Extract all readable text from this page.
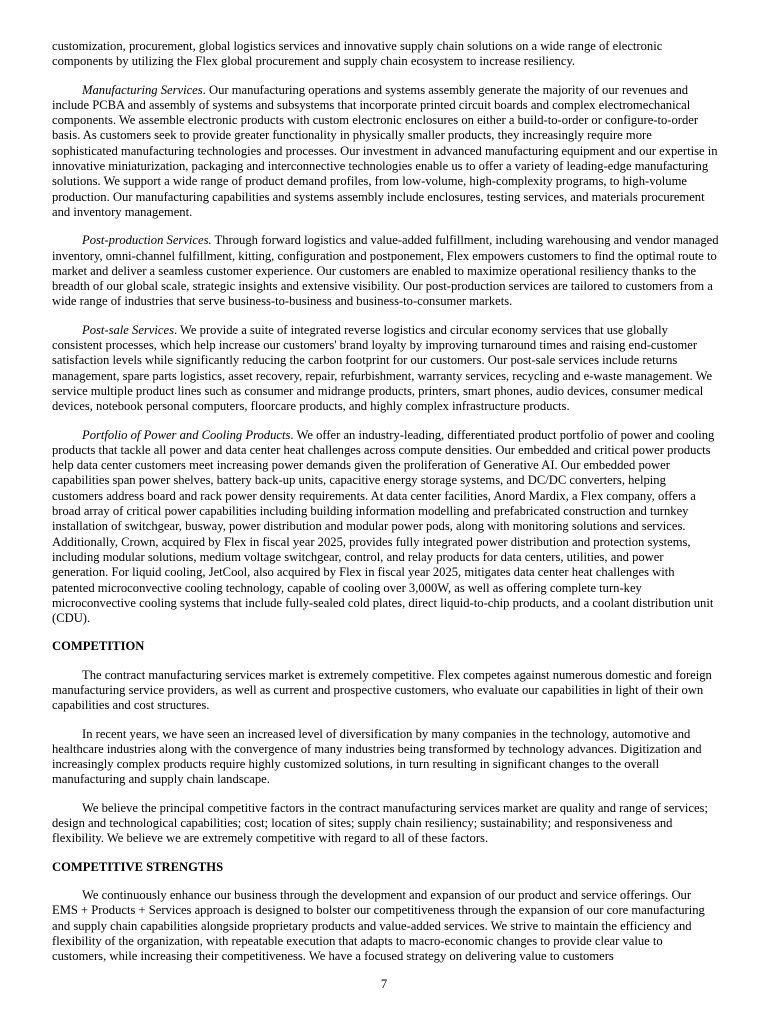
customization, procurement, global logistics services and innovative supply chain solutions on a wide range of electronic components by utilizing the Flex global procurement and supply chain ecosystem to increase resiliency.

Manufacturing Services. Our manufacturing operations and systems assembly generate the majority of our revenues and include PCBA and assembly of systems and subsystems that incorporate printed circuit boards and complex electromechanical components. We assemble electronic products with custom electronic enclosures on either a build-to-order or configure-to-order basis. As customers seek to provide greater functionality in physically smaller products, they increasingly require more sophisticated manufacturing technologies and processes. Our investment in advanced manufacturing equipment and our expertise in innovative miniaturization, packaging and interconnective technologies enable us to offer a variety of leading-edge manufacturing solutions. We support a wide range of product demand profiles, from low-volume, high-complexity programs, to high-volume production. Our manufacturing capabilities and systems assembly include enclosures, testing services, and materials procurement and inventory management.

Post-production Services. Through forward logistics and value-added fulfillment, including warehousing and vendor managed inventory, omni-channel fulfillment, kitting, configuration and postponement, Flex empowers customers to find the optimal route to market and deliver a seamless customer experience. Our customers are enabled to maximize operational resiliency thanks to the breadth of our global scale, strategic insights and extensive visibility. Our post-production services are tailored to customers from a wide range of industries that serve business-to-business and business-to-consumer markets.

Post-sale Services. We provide a suite of integrated reverse logistics and circular economy services that use globally consistent processes, which help increase our customers' brand loyalty by improving turnaround times and raising end-customer satisfaction levels while significantly reducing the carbon footprint for our customers. Our post-sale services include returns management, spare parts logistics, asset recovery, repair, refurbishment, warranty services, recycling and e-waste management. We service multiple product lines such as consumer and midrange products, printers, smart phones, audio devices, consumer medical devices, notebook personal computers, floorcare products, and highly complex infrastructure products.

Portfolio of Power and Cooling Products. We offer an industry-leading, differentiated product portfolio of power and cooling products that tackle all power and data center heat challenges across compute densities. Our embedded and critical power products help data center customers meet increasing power demands given the proliferation of Generative AI. Our embedded power capabilities span power shelves, battery back-up units, capacitive energy storage systems, and DC/DC converters, helping customers address board and rack power density requirements. At data center facilities, Anord Mardix, a Flex company, offers a broad array of critical power capabilities including building information modelling and prefabricated construction and turnkey installation of switchgear, busway, power distribution and modular power pods, along with monitoring solutions and services. Additionally, Crown, acquired by Flex in fiscal year 2025, provides fully integrated power distribution and protection systems, including modular solutions, medium voltage switchgear, control, and relay products for data centers, utilities, and power generation. For liquid cooling, JetCool, also acquired by Flex in fiscal year 2025, mitigates data center heat challenges with patented microconvective cooling technology, capable of cooling over 3,000W, as well as offering complete turn-key microconvective cooling systems that include fully-sealed cold plates, direct liquid-to-chip products, and a coolant distribution unit (CDU).

COMPETITION

The contract manufacturing services market is extremely competitive. Flex competes against numerous domestic and foreign manufacturing service providers, as well as current and prospective customers, who evaluate our capabilities in light of their own capabilities and cost structures.

In recent years, we have seen an increased level of diversification by many companies in the technology, automotive and healthcare industries along with the convergence of many industries being transformed by technology advances. Digitization and increasingly complex products require highly customized solutions, in turn resulting in significant changes to the overall manufacturing and supply chain landscape.

We believe the principal competitive factors in the contract manufacturing services market are quality and range of services; design and technological capabilities; cost; location of sites; supply chain resiliency; sustainability; and responsiveness and flexibility. We believe we are extremely competitive with regard to all of these factors.

COMPETITIVE STRENGTHS

We continuously enhance our business through the development and expansion of our product and service offerings. Our EMS + Products + Services approach is designed to bolster our competitiveness through the expansion of our core manufacturing and supply chain capabilities alongside proprietary products and value-added services. We strive to maintain the efficiency and flexibility of the organization, with repeatable execution that adapts to macro-economic changes to provide clear value to customers, while increasing their competitiveness. We have a focused strategy on delivering value to customers

7
